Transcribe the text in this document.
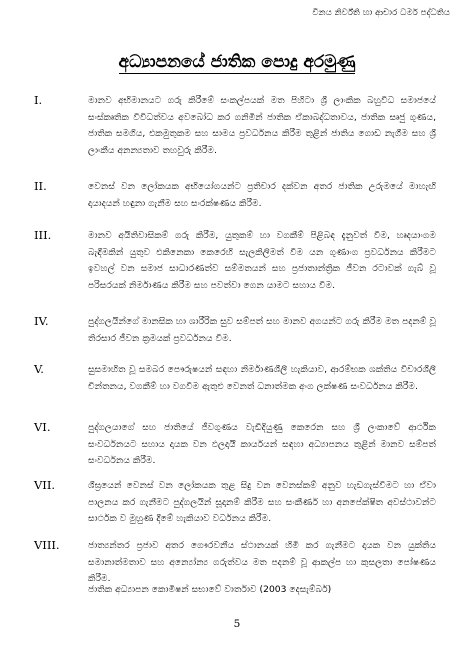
විනය නිර්ව්ති හා ආචාර ධර්ම පද්ධතිය
අධ්‍යාපනයේ ජාතික පොදු අරමුණු
I.	මානව අභිමානයට ගරු කිරීමේ සංකල්පයක් මත පිහිටා ශ්‍රී ලාංකික බහුවිධ සමාජයේ සංස්කෘතික විවිධත්වය අවබෝධ කර ගනිමින් ජාතික ඒකාබද්ධතාවය, ජාතික සෘජු ගුණය, ජාතික සමගිය, එකමුතුකම සහ සාමය ප්‍රවර්ධනය කිරීම තුළින් ජාතිය ගොඩ නැගීම සහ ශ්‍රී ලාංකීය අනන්‍යතාව තහවුරු කිරීම.
II.	වෙනස් වන ලෝකයක අභියෝගයන්ට ප්‍රතිචාර දක්වන අතර ජාතික උරුමයේ මාහැඟි දායාදයන් හඳුනා ගැනීම සහ සංරක්ෂණය කිරීම.
III.	මානව අයිතිවාසිකම් ගරු කිරීම, යුතුකම් හා වගකීම් පිළිබඳ දැනුවත් වීම, හෘදයාංගම බැඳීමකින් යුතුව එකිනෙකා කෙරෙහි සැලකිලිමත් වීම යන ගුණාංග ප්‍රවර්ධනය කිරීමට ඉවහල් වන සමාජ සාධාරණත්ව සම්මතයන් සහ ප්‍රජාතාන්ත්‍රික ජීවන රටාවක් ගැබ් වූ පරිසරයක් නිර්මාණය කිරීම සහ පවත්වා ගෙන යාමට සහාය වීම.
IV.	පුද්ගලයින්ගේ මානසික හා ශාරීරික සුව සම්පත් සහ මානව අගයන්ට ගරු කිරීම මත පදනම් වූ තිරසාර ජීවන ක්‍රමයක් ප්‍රවර්ධනය වීම.
V.	සුසමාහිත වූ සමබර පෞරුෂයන් සඳහා නිර්මාණශීලී හැකියාව, ආරම්භක ශක්තිය විචාරශීලී චින්තනය, වගකීම් හා වගවීම ඇතුළු වෙනත් ධනාත්මක අංග ලක්ෂණ සංවර්ධනය කිරීම.
VI.	පුද්ගලයාගේ සහ ජාතියේ ජීවගුණය වැඩිදියුණු කෙරෙන සහ ශ්‍රී ලංකාවේ ආර්ථික සංවර්ධනයට සහාය දායක වන ඵලදායී කාර්යයන් සඳහා අධ්‍යාපනය තුළින් මානව සම්පත් සංවර්ධනය කිරීම.
VII.	ශීඝ්‍රයෙන් වෙනස් වන ලෝකයක තුළ සිදු වන වෙනස්කම් අනුව හැඩගැස්වීමට හා ඒවා පාලනය කර ගැනීමට පුද්ගලයින් සූදානම් කිරීම සහ සංකීර්ණ හා අනපේක්ෂිත අවස්ථාවන්ට සාර්ථක ව මුහුණ දීමේ හැකියාව වර්ධනය කිරීම.
VIII.	ජාත්‍යන්තර ප්‍රජාව අතර ගෞරවනීය ස්ථානයක් හිමි කර ගැනීමට දායක වන යුක්තිය සමානාත්මතාව සහ අන්‍යෝන්‍ය ගරුත්වය මත පදනම් වූ ආකල්ප හා කුසලතා පෝෂණය කිරීම.
ජාතික අධ්‍යාපන කොමිෂන් සභාවේ වාර්තාව (2003 දෙසැම්බර්)
5
